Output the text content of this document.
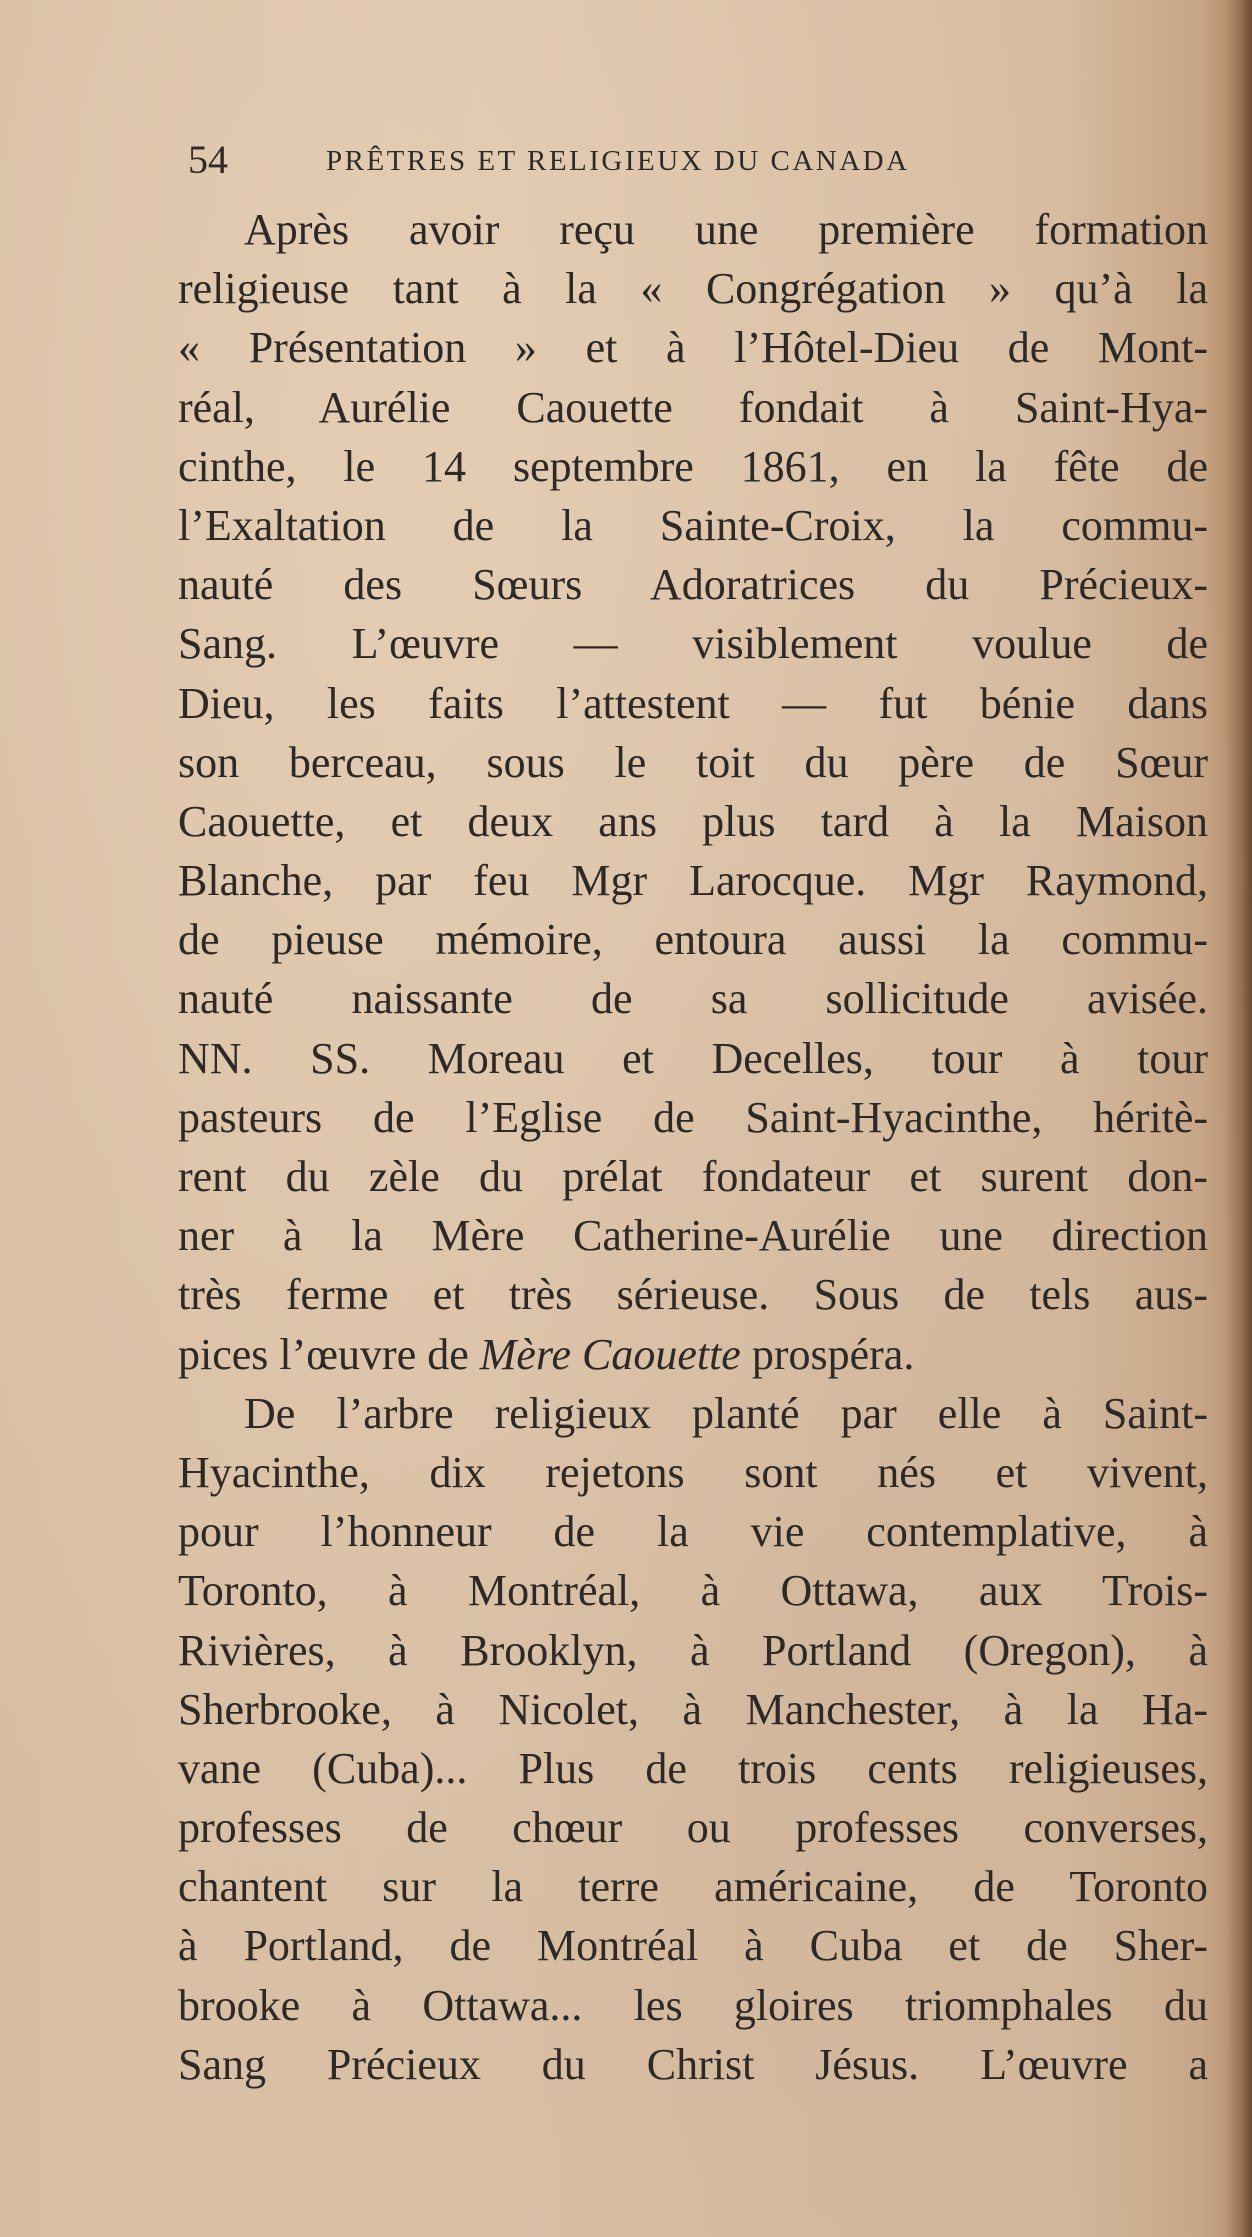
54	PRÊTRES ET RELIGIEUX DU CANADA
Après avoir reçu une première formation
religieuse tant à la « Congrégation » qu’à la
« Présentation » et à l’Hôtel-Dieu de Mont-
réal, Aurélie Caouette fondait à Saint-Hya-
cinthe, le 14 septembre 1861, en la fête de
l’Exaltation de la Sainte-Croix, la commu-
nauté des Sœurs Adoratrices du Précieux-
Sang. L’œuvre — visiblement voulue de
Dieu, les faits l’attestent — fut bénie dans
son berceau, sous le toit du père de Sœur
Caouette, et deux ans plus tard à la Maison
Blanche, par feu Mgr Larocque. Mgr Raymond,
de pieuse mémoire, entoura aussi la commu-
nauté naissante de sa sollicitude avisée.
NN. SS. Moreau et Decelles, tour à tour
pasteurs de l’Eglise de Saint-Hyacinthe, héritè-
rent du zèle du prélat fondateur et surent don-
ner à la Mère Catherine-Aurélie une direction
très ferme et très sérieuse. Sous de tels aus-
pices l’œuvre de Mère Caouette prospéra.
De l’arbre religieux planté par elle à Saint-
Hyacinthe, dix rejetons sont nés et vivent,
pour l’honneur de la vie contemplative, à
Toronto, à Montréal, à Ottawa, aux Trois-
Rivières, à Brooklyn, à Portland (Oregon), à
Sherbrooke, à Nicolet, à Manchester, à la Ha-
vane (Cuba)... Plus de trois cents religieuses,
professes de chœur ou professes converses,
chantent sur la terre américaine, de Toronto
à Portland, de Montréal à Cuba et de Sher-
brooke à Ottawa... les gloires triomphales du
Sang Précieux du Christ Jésus. L’œuvre a
